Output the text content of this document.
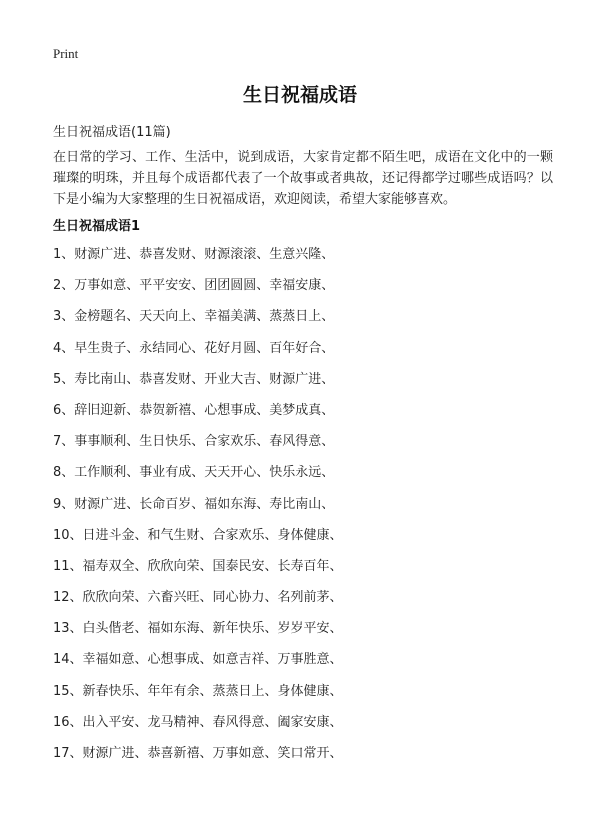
Print
生日祝福成语
生日祝福成语(11篇)

在日常的学习、工作、生活中，说到成语，大家肯定都不陌生吧，成语在文化中的一颗璀璨的明珠，并且每个成语都代表了一个故事或者典故，还记得都学过哪些成语吗？以下是小编为大家整理的生日祝福成语，欢迎阅读，希望大家能够喜欢。

生日祝福成语1
1、财源广进、恭喜发财、财源滚滚、生意兴隆、
2、万事如意、平平安安、团团圆圆、幸福安康、
3、金榜题名、天天向上、幸福美满、蒸蒸日上、
4、早生贵子、永结同心、花好月圆、百年好合、
5、寿比南山、恭喜发财、开业大吉、财源广进、
6、辞旧迎新、恭贺新禧、心想事成、美梦成真、
7、事事顺利、生日快乐、合家欢乐、春风得意、
8、工作顺利、事业有成、天天开心、快乐永远、
9、财源广进、长命百岁、福如东海、寿比南山、
10、日进斗金、和气生财、合家欢乐、身体健康、
11、福寿双全、欣欣向荣、国泰民安、长寿百年、
12、欣欣向荣、六畜兴旺、同心协力、名列前茅、
13、白头偕老、福如东海、新年快乐、岁岁平安、
14、幸福如意、心想事成、如意吉祥、万事胜意、
15、新春快乐、年年有余、蒸蒸日上、身体健康、
16、出入平安、龙马精神、春风得意、阖家安康、
17、财源广进、恭喜新禧、万事如意、笑口常开、
